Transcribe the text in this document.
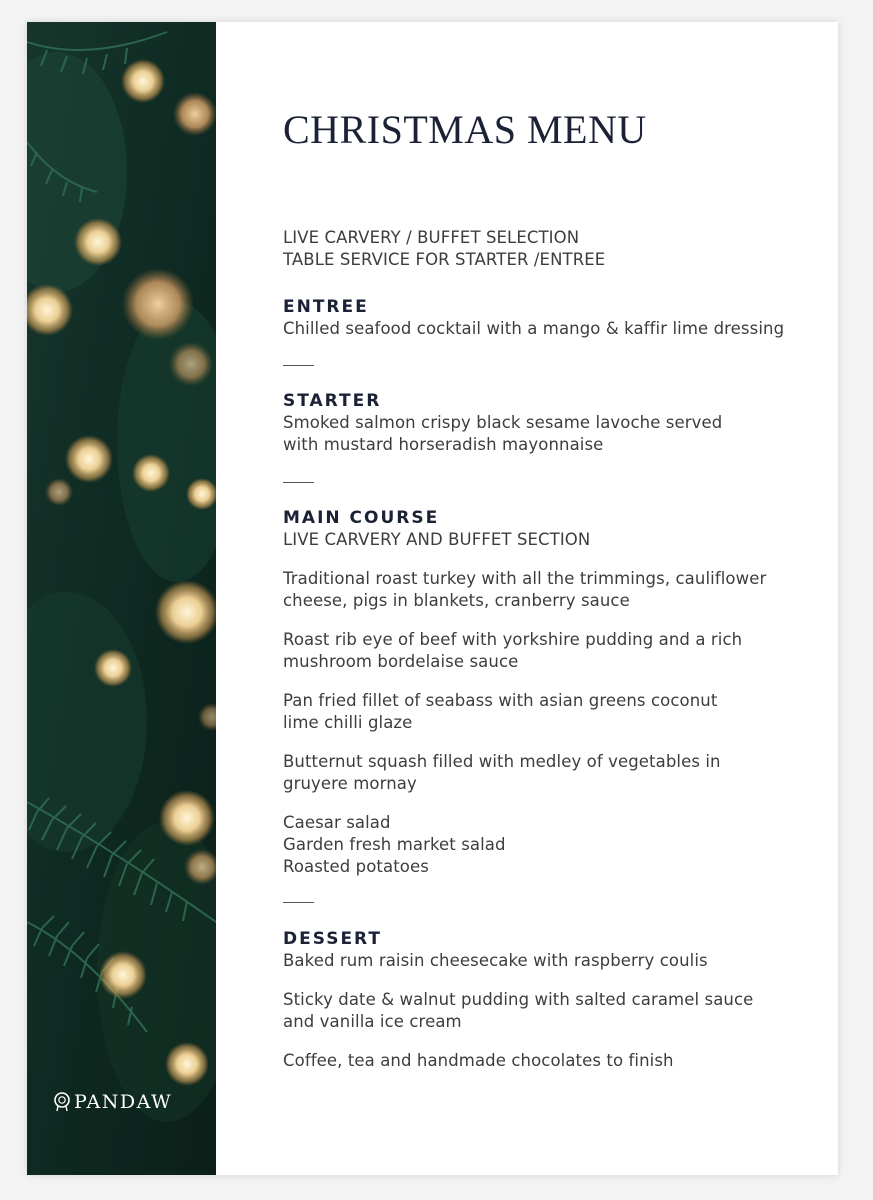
PANDAW
CHRISTMAS MENU
LIVE CARVERY / BUFFET SELECTION
TABLE SERVICE FOR STARTER /ENTREE
ENTREE
Chilled seafood cocktail with a mango & kaffir lime dressing
STARTER
Smoked salmon crispy black sesame lavoche served
with mustard horseradish mayonnaise
MAIN COURSE
LIVE CARVERY AND BUFFET SECTION
Traditional roast turkey with all the trimmings, cauliflower
cheese, pigs in blankets, cranberry sauce
Roast rib eye of beef with yorkshire pudding and a rich
mushroom bordelaise sauce
Pan fried fillet of seabass with asian greens coconut
lime chilli glaze
Butternut squash filled with medley of vegetables in
gruyere mornay
Caesar salad
Garden fresh market salad
Roasted potatoes
DESSERT
Baked rum raisin cheesecake with raspberry coulis
Sticky date & walnut pudding with salted caramel sauce
and vanilla ice cream
Coffee, tea and handmade chocolates to finish
